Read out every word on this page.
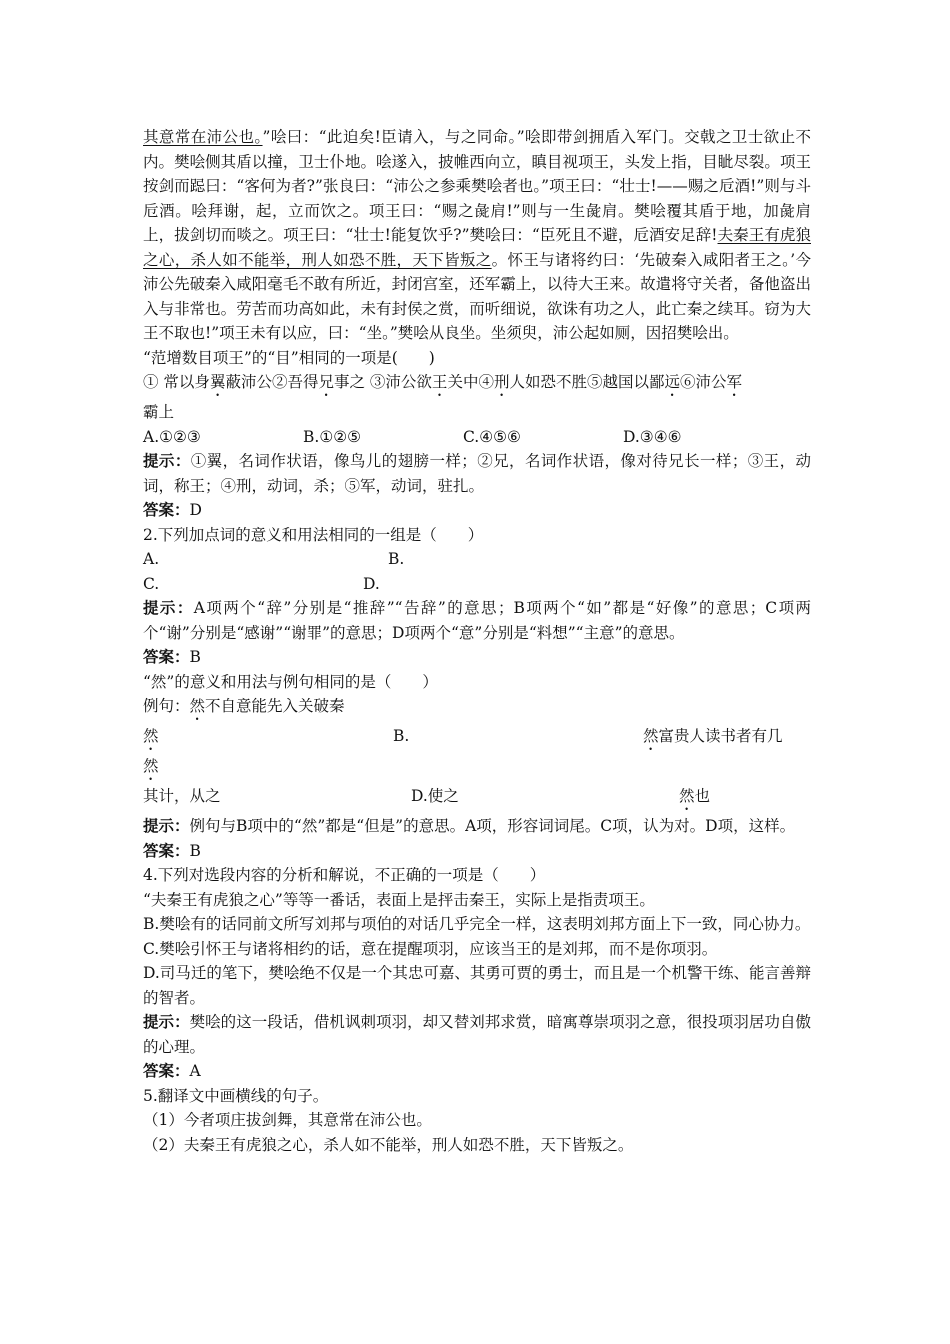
其意常在沛公也。”哙曰：“此迫矣!臣请入，与之同命。”哙即带剑拥盾入军门。交戟之卫士欲止不内。樊哙侧其盾以撞，卫士仆地。哙遂入，披帷西向立，瞋目视项王，头发上指，目眦尽裂。项王按剑而跽曰：“客何为者?”张良曰：“沛公之参乘樊哙者也。”项王曰：“壮士!——赐之卮酒!”则与斗卮酒。哙拜谢，起，立而饮之。项王曰：“赐之彘肩!”则与一生彘肩。樊哙覆其盾于地，加彘肩上，拔剑切而啖之。项王曰：“壮士!能复饮乎?”樊哙曰：“臣死且不避，卮酒安足辞!夫秦王有虎狼之心，杀人如不能举，刑人如恐不胜，天下皆叛之。怀王与诸将约曰：‘先破秦入咸阳者王之。’今沛公先破秦入咸阳毫毛不敢有所近，封闭宫室，还军霸上，以待大王来。故遣将守关者，备他盗出入与非常也。劳苦而功高如此，未有封侯之赏，而听细说，欲诛有功之人，此亡秦之续耳。窃为大王不取也!”项王未有以应，曰：“坐。”樊哙从良坐。坐须臾，沛公起如厕，因招樊哙出。

“范增数目项王”的“目”相同的一项是(　　)

① 常以身翼蔽沛公②吾得兄事之 ③沛公欲王关中④刑人如恐不胜⑤越国以鄙远⑥沛公军
霸上

A.①②③	B.①②⑤	C.④⑤⑥	D.③④⑥

提示：①翼，名词作状语，像鸟儿的翅膀一样；②兄，名词作状语，像对待兄长一样；③王，动词，称王；④刑，动词，杀；⑤军，动词，驻扎。

答案：D

2.下列加点词的意义和用法相同的一组是（　　）

A.	B.

C.	D.

提示：A项两个“辞”分别是“推辞”“告辞”的意思；B项两个“如”都是“好像”的意思；C项两个“谢”分别是“感谢”“谢罪”的意思；D项两个“意”分别是“料想”“主意”的意思。

答案：B

“然”的意义和用法与例句相同的是（　　）

例句：然不自意能先入关破秦

然	B.	然富贵人读书者有几

然其计，从之	D.使之	然也

提示：例句与B项中的“然”都是“但是”的意思。A项，形容词词尾。C项，认为对。D项，这样。

答案：B

4.下列对选段内容的分析和解说，不正确的一项是（　　）

“夫秦王有虎狼之心”等等一番话，表面上是抨击秦王，实际上是指责项王。

B.樊哙有的话同前文所写刘邦与项伯的对话几乎完全一样，这表明刘邦方面上下一致，同心协力。

C.樊哙引怀王与诸将相约的话，意在提醒项羽，应该当王的是刘邦，而不是你项羽。

D.司马迁的笔下，樊哙绝不仅是一个其忠可嘉、其勇可贾的勇士，而且是一个机警干练、能言善辩的智者。

提示：樊哙的这一段话，借机讽刺项羽，却又替刘邦求赏，暗寓尊崇项羽之意，很投项羽居功自傲的心理。

答案：A

5.翻译文中画横线的句子。

（1）今者项庄拔剑舞，其意常在沛公也。

（2）夫秦王有虎狼之心，杀人如不能举，刑人如恐不胜，天下皆叛之。
